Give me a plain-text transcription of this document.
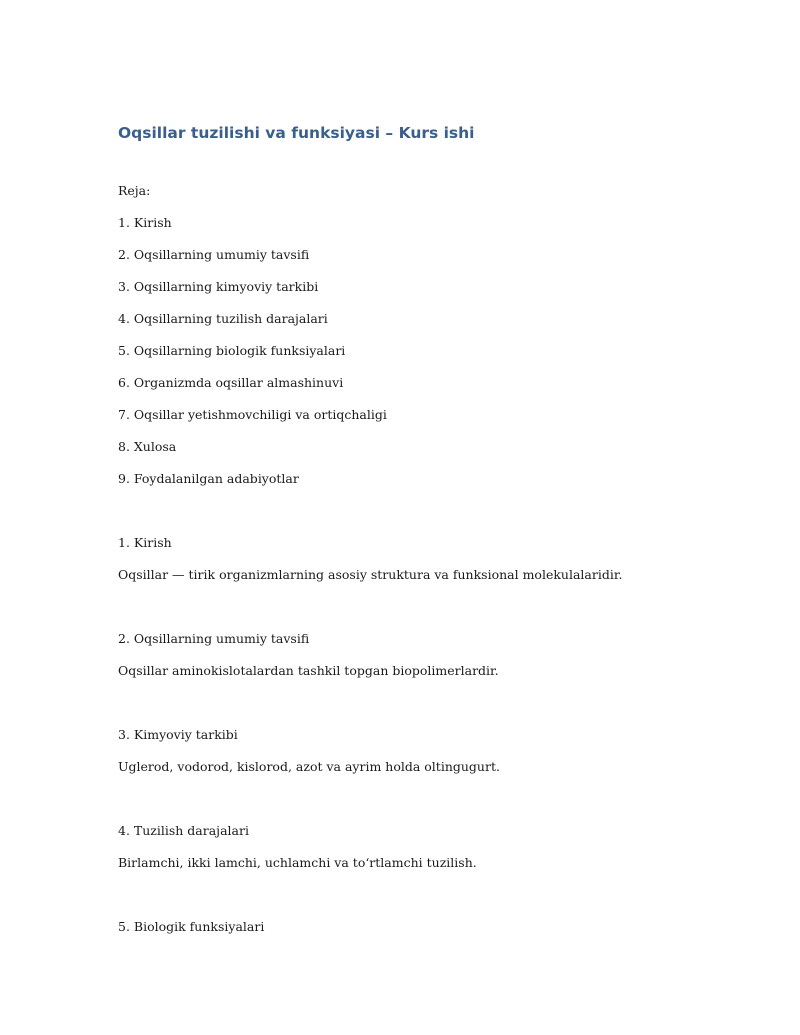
Oqsillar tuzilishi va funksiyasi – Kurs ishi

Reja:

1. Kirish

2. Oqsillarning umumiy tavsifi

3. Oqsillarning kimyoviy tarkibi

4. Oqsillarning tuzilish darajalari

5. Oqsillarning biologik funksiyalari

6. Organizmda oqsillar almashinuvi

7. Oqsillar yetishmovchiligi va ortiqchaligi

8. Xulosa

9. Foydalanilgan adabiyotlar

1. Kirish

Oqsillar — tirik organizmlarning asosiy struktura va funksional molekulalaridir.

2. Oqsillarning umumiy tavsifi

Oqsillar aminokislotalardan tashkil topgan biopolimerlardir.

3. Kimyoviy tarkibi

Uglerod, vodorod, kislorod, azot va ayrim holda oltingugurt.

4. Tuzilish darajalari

Birlamchi, ikki lamchi, uchlamchi va to‘rtlamchi tuzilish.

5. Biologik funksiyalari
